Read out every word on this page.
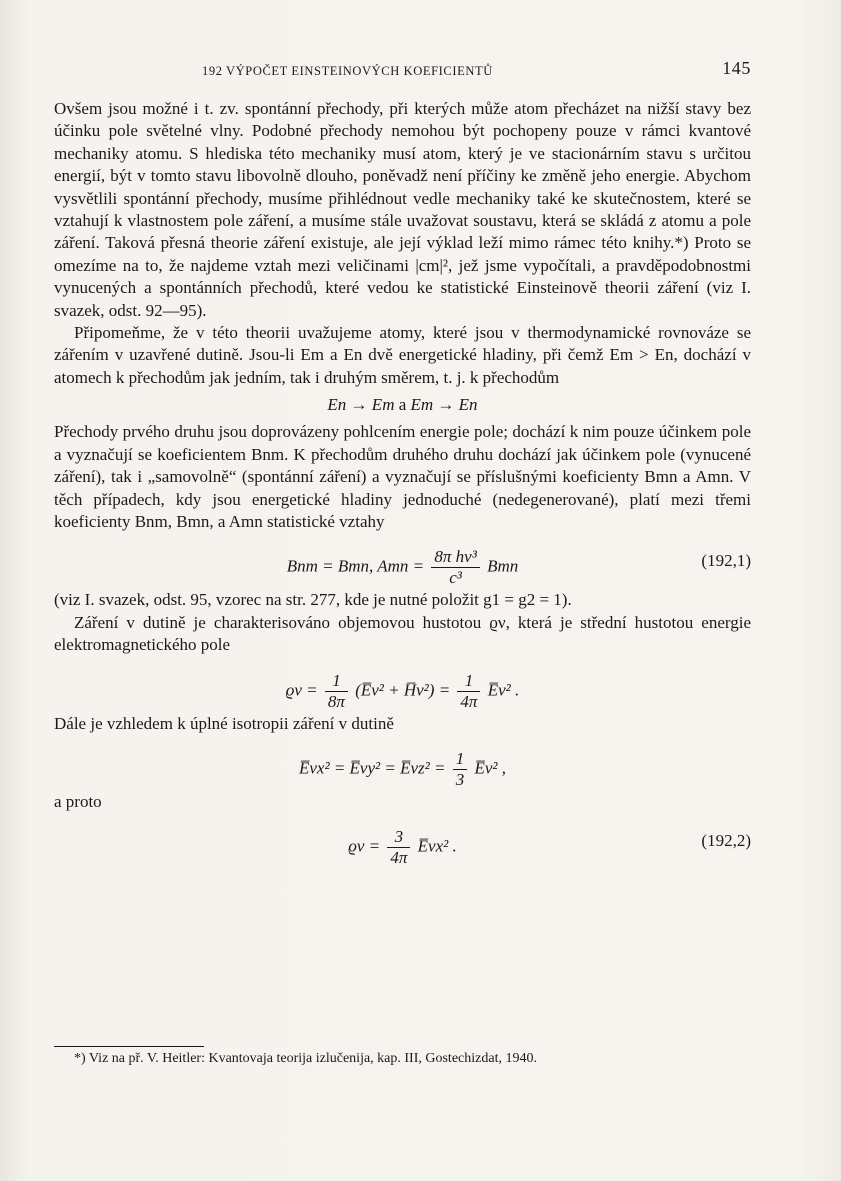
192 VÝPOČET EINSTEINOVÝCH KOEFICIENTŮ	145

Ovšem jsou možné i t. zv. spontánní přechody, při kterých může atom přecházet na nižší stavy bez účinku pole světelné vlny. Podobné přechody nemohou být pochopeny pouze v rámci kvantové mechaniky atomu. S hlediska této mechaniky musí atom, který je ve stacionárním stavu s určitou energií, být v tomto stavu libovolně dlouho, poněvadž není příčiny ke změně jeho energie. Abychom vysvětlili spontánní přechody, musíme přihlédnout vedle mechaniky také ke skutečnostem, které se vztahují k vlastnostem pole záření, a musíme stále uvažovat soustavu, která se skládá z atomu a pole záření. Taková přesná theorie záření existuje, ale její výklad leží mimo rámec této knihy.*) Proto se omezíme na to, že najdeme vztah mezi veličinami |cm|², jež jsme vypočítali, a pravděpodobnostmi vynucených a spontánních přechodů, které vedou ke statistické Einsteinově theorii záření (viz I. svazek, odst. 92—95).

Připomeňme, že v této theorii uvažujeme atomy, které jsou v thermodynamické rovnováze se zářením v uzavřené dutině. Jsou-li Em a En dvě energetické hladiny, při čemž Em > En, dochází v atomech k přechodům jak jedním, tak i druhým směrem, t. j. k přechodům

En → Em a Em → En

Přechody prvého druhu jsou doprovázeny pohlcením energie pole; dochází k nim pouze účinkem pole a vyznačují se koeficientem Bnm. K přechodům druhého druhu dochází jak účinkem pole (vynucené záření), tak i „samovolně“ (spontánní záření) a vyznačují se příslušnými koeficienty Bmn a Amn. V těch případech, kdy jsou energetické hladiny jednoduché (nedegenerované), platí mezi třemi koeficienty Bnm, Bmn, a Amn statistické vztahy

Bnm = Bmn, Amn = $\frac{\text{8π hν³}}{\text{c³}}$ Bmn	(192,1)

(viz I. svazek, odst. 95, vzorec na str. 277, kde je nutné položit g1 = g2 = 1).

Záření v dutině je charakterisováno objemovou hustotou ϱν, která je střední hustotou energie elektromagnetického pole

$ϱ\nu = \frac{1}{8\pi}$ (E̅ν² + H̅ν²) = $\frac{1}{4\pi}$ E̅ν² .

Dále je vzhledem k úplné isotropii záření v dutině

E̅νx² = E̅νy² = E̅νz² = $\frac{1}{3}$ E̅ν² ,

a proto

$ϱ\nu = \frac{3}{4\pi}$ E̅νx² .	(192,2)
*) Viz na př. V. Heitler: Kvantovaja teorija izlučenija, kap. III, Gostechizdat, 1940.
